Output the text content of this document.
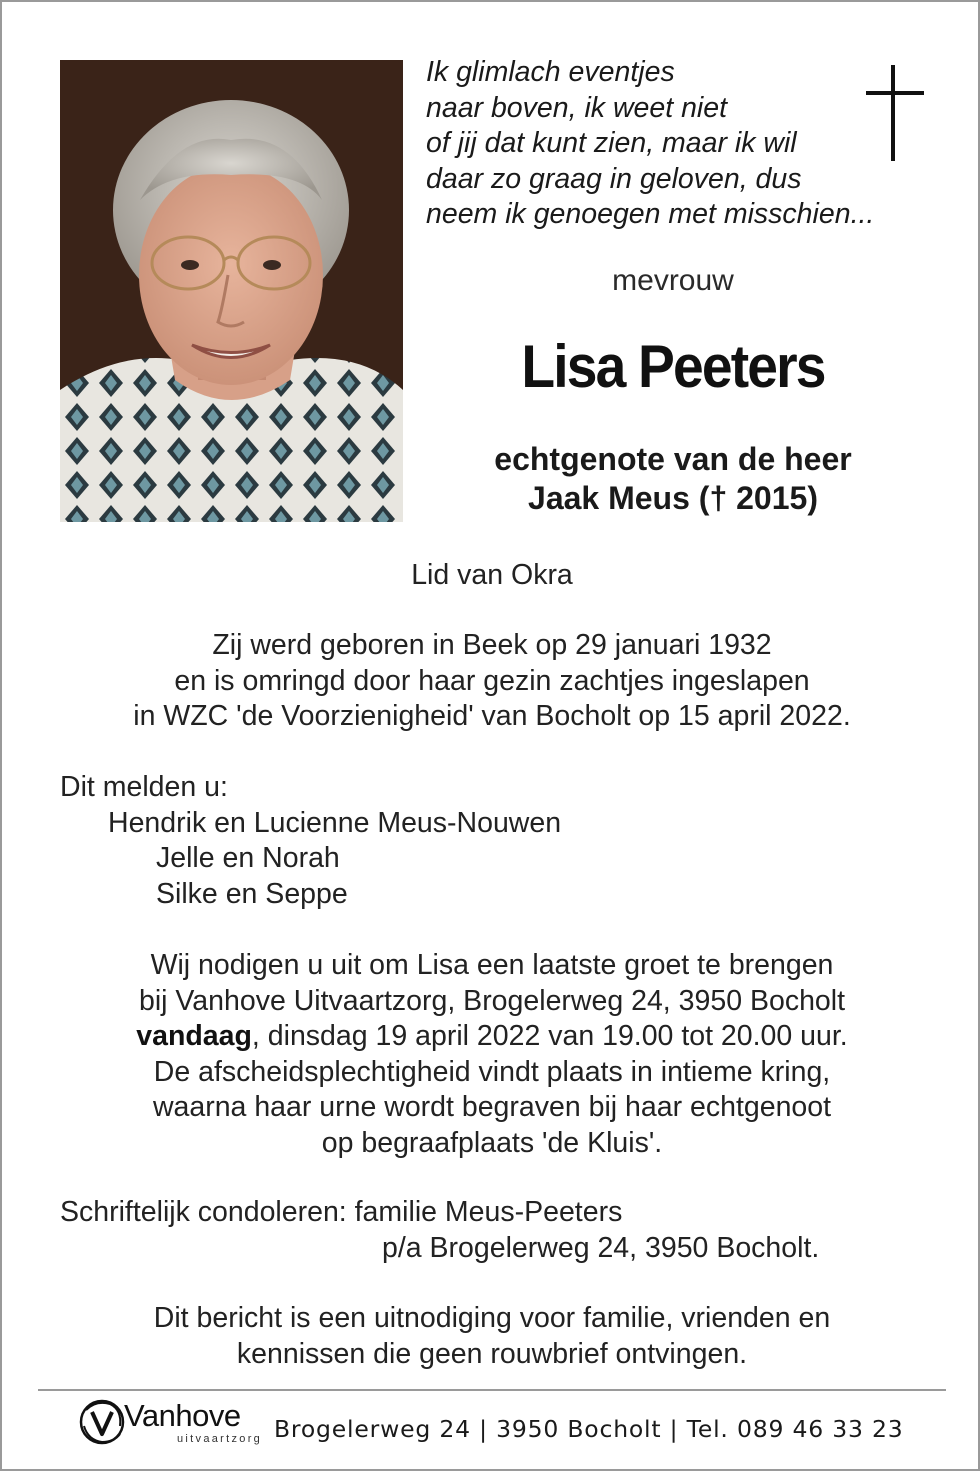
Ik glimlach eventjes
naar boven, ik weet niet
of jij dat kunt zien, maar ik wil
daar zo graag in geloven, dus
neem ik genoegen met misschien...
mevrouw
Lisa Peeters
echtgenote van de heer
Jaak Meus († 2015)
Lid van Okra
Zij werd geboren in Beek op 29 januari 1932
en is omringd door haar gezin zachtjes ingeslapen
in WZC 'de Voorzienigheid' van Bocholt op 15 april 2022.
Dit melden u:
Hendrik en Lucienne Meus-Nouwen
Jelle en Norah
Silke en Seppe
Wij nodigen u uit om Lisa een laatste groet te brengen
bij Vanhove Uitvaartzorg, Brogelerweg 24, 3950 Bocholt
vandaag, dinsdag 19 april 2022 van 19.00 tot 20.00 uur.
De afscheidsplechtigheid vindt plaats in intieme kring,
waarna haar urne wordt begraven bij haar echtgenoot
op begraafplaats 'de Kluis'.
Schriftelijk condoleren: familie Meus-Peeters
p/a Brogelerweg 24, 3950 Bocholt.
Dit bericht is een uitnodiging voor familie, vrienden en
kennissen die geen rouwbrief ontvingen.
Vanhove
uitvaartzorg Brogelerweg 24 | 3950 Bocholt | Tel. 089 46 33 23
